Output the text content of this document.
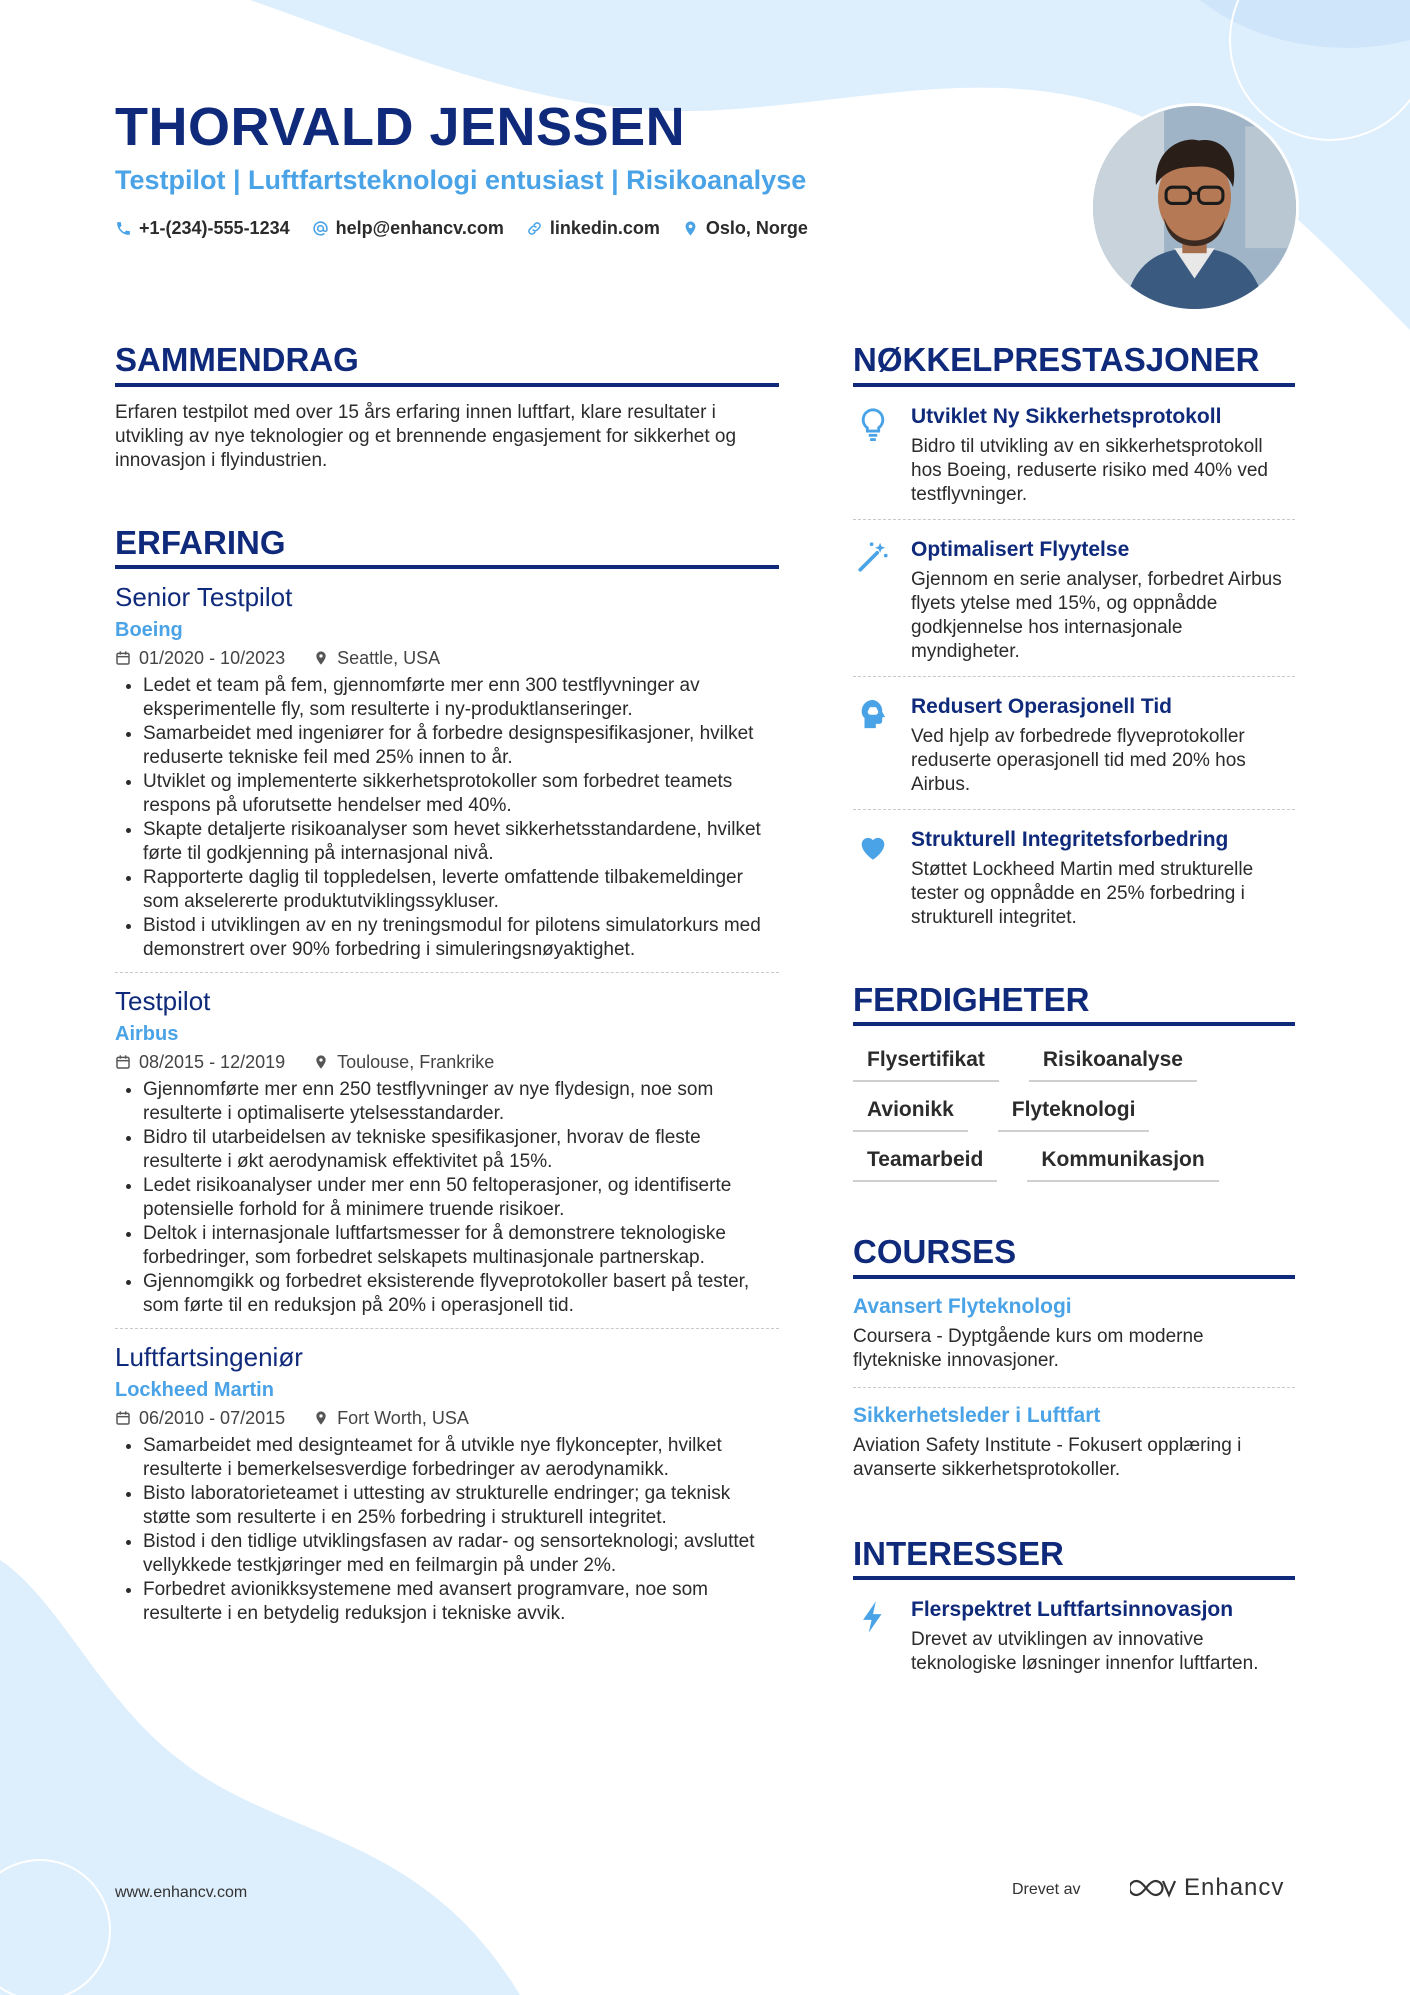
THORVALD JENSSEN
Testpilot | Luftfartsteknologi entusiast | Risikoanalyse
+1-(234)-555-1234	help@enhancv.com	linkedin.com	Oslo, Norge
SAMMENDRAG

Erfaren testpilot med over 15 års erfaring innen luftfart, klare resultater i utvikling av nye teknologier og et brennende engasjement for sikkerhet og innovasjon i flyindustrien.

ERFARING
Senior Testpilot
Boeing
01/2020 - 10/2023	Seattle, USA
• Ledet et team på fem, gjennomførte mer enn 300 testflyvninger av eksperimentelle fly, som resulterte i ny-produktlanseringer.
• Samarbeidet med ingeniører for å forbedre designspesifikasjoner, hvilket reduserte tekniske feil med 25% innen to år.
• Utviklet og implementerte sikkerhetsprotokoller som forbedret teamets respons på uforutsette hendelser med 40%.
• Skapte detaljerte risikoanalyser som hevet sikkerhetsstandardene, hvilket førte til godkjenning på internasjonal nivå.
• Rapporterte daglig til toppledelsen, leverte omfattende tilbakemeldinger som akselererte produktutviklingssykluser.
• Bistod i utviklingen av en ny treningsmodul for pilotens simulatorkurs med demonstrert over 90% forbedring i simuleringsnøyaktighet.
Testpilot
Airbus
08/2015 - 12/2019	Toulouse, Frankrike
• Gjennomførte mer enn 250 testflyvninger av nye flydesign, noe som resulterte i optimaliserte ytelsesstandarder.
• Bidro til utarbeidelsen av tekniske spesifikasjoner, hvorav de fleste resulterte i økt aerodynamisk effektivitet på 15%.
• Ledet risikoanalyser under mer enn 50 feltoperasjoner, og identifiserte potensielle forhold for å minimere truende risikoer.
• Deltok i internasjonale luftfartsmesser for å demonstrere teknologiske forbedringer, som forbedret selskapets multinasjonale partnerskap.
• Gjennomgikk og forbedret eksisterende flyveprotokoller basert på tester, som førte til en reduksjon på 20% i operasjonell tid.
Luftfartsingeniør
Lockheed Martin
06/2010 - 07/2015	Fort Worth, USA
• Samarbeidet med designteamet for å utvikle nye flykoncepter, hvilket resulterte i bemerkelsesverdige forbedringer av aerodynamikk.
• Bisto laboratorieteamet i uttesting av strukturelle endringer; ga teknisk støtte som resulterte i en 25% forbedring i strukturell integritet.
• Bistod i den tidlige utviklingsfasen av radar- og sensorteknologi; avsluttet vellykkede testkjøringer med en feilmargin på under 2%.
• Forbedret avionikksystemene med avansert programvare, noe som resulterte i en betydelig reduksjon i tekniske avvik.
NØKKELPRESTASJONER
Utviklet Ny Sikkerhetsprotokoll

Bidro til utvikling av en sikkerhetsprotokoll hos Boeing, reduserte risiko med 40% ved testflyvninger.

Optimalisert Flyytelse

Gjennom en serie analyser, forbedret Airbus flyets ytelse med 15%, og oppnådde godkjennelse hos internasjonale myndigheter.

Redusert Operasjonell Tid

Ved hjelp av forbedrede flyveprotokoller reduserte operasjonell tid med 20% hos Airbus.

Strukturell Integritetsforbedring

Støttet Lockheed Martin med strukturelle tester og oppnådde en 25% forbedring i strukturell integritet.

FERDIGHETER
Flysertifikat	Risikoanalyse
Avionikk	Flyteknologi
Teamarbeid	Kommunikasjon
COURSES
Avansert Flyteknologi

Coursera - Dyptgående kurs om moderne flytekniske innovasjoner.

Sikkerhetsleder i Luftfart

Aviation Safety Institute - Fokusert opplæring i avanserte sikkerhetsprotokoller.

INTERESSER
Flerspektret Luftfartsinnovasjon

Drevet av utviklingen av innovative teknologiske løsninger innenfor luftfarten.

www.enhancv.com	Drevet av	Enhancv
